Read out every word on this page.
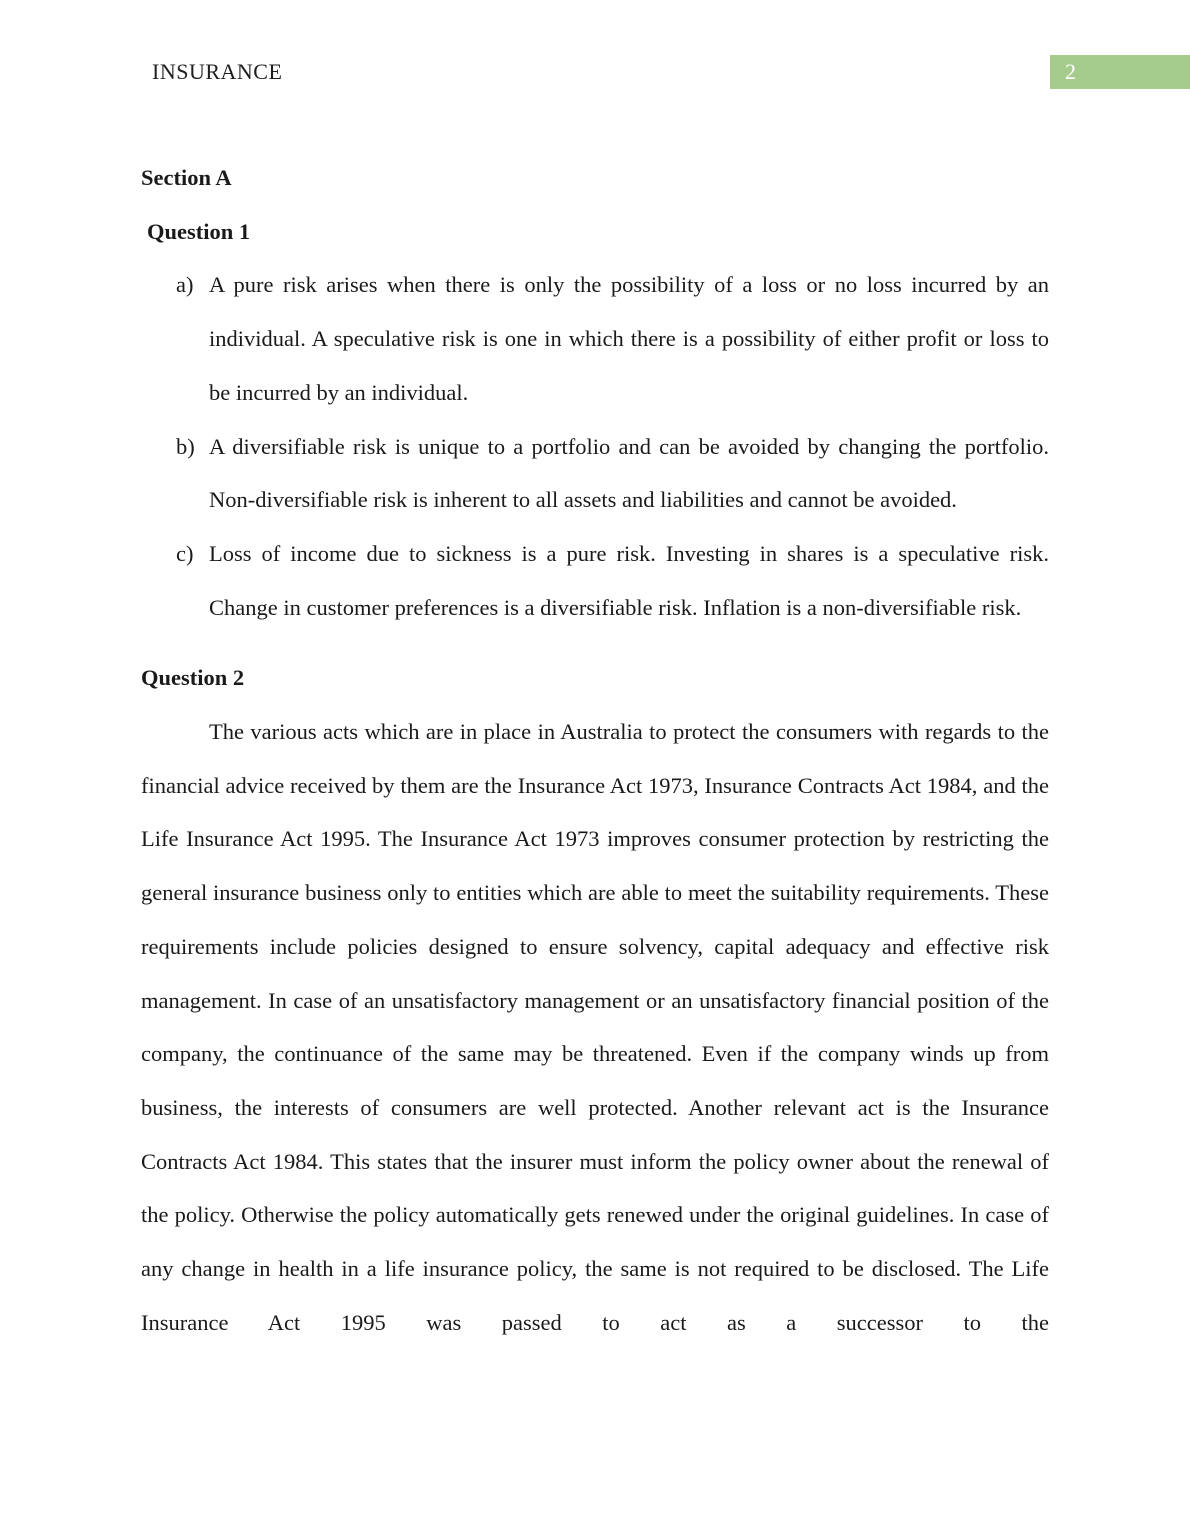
INSURANCE	2
Section A
Question 1
a) A pure risk arises when there is only the possibility of a loss or no loss incurred by an individual. A speculative risk is one in which there is a possibility of either profit or loss to be incurred by an individual.
b) A diversifiable risk is unique to a portfolio and can be avoided by changing the portfolio. Non-diversifiable risk is inherent to all assets and liabilities and cannot be avoided.
c) Loss of income due to sickness is a pure risk. Investing in shares is a speculative risk. Change in customer preferences is a diversifiable risk. Inflation is a non-diversifiable risk.
Question 2
The various acts which are in place in Australia to protect the consumers with regards to the financial advice received by them are the Insurance Act 1973, Insurance Contracts Act 1984, and the Life Insurance Act 1995. The Insurance Act 1973 improves consumer protection by restricting the general insurance business only to entities which are able to meet the suitability requirements. These requirements include policies designed to ensure solvency, capital adequacy and effective risk management. In case of an unsatisfactory management or an unsatisfactory financial position of the company, the continuance of the same may be threatened. Even if the company winds up from business, the interests of consumers are well protected. Another relevant act is the Insurance Contracts Act 1984. This states that the insurer must inform the policy owner about the renewal of the policy. Otherwise the policy automatically gets renewed under the original guidelines. In case of any change in health in a life insurance policy, the same is not required to be disclosed. The Life Insurance Act 1995 was passed to act as a successor to the
